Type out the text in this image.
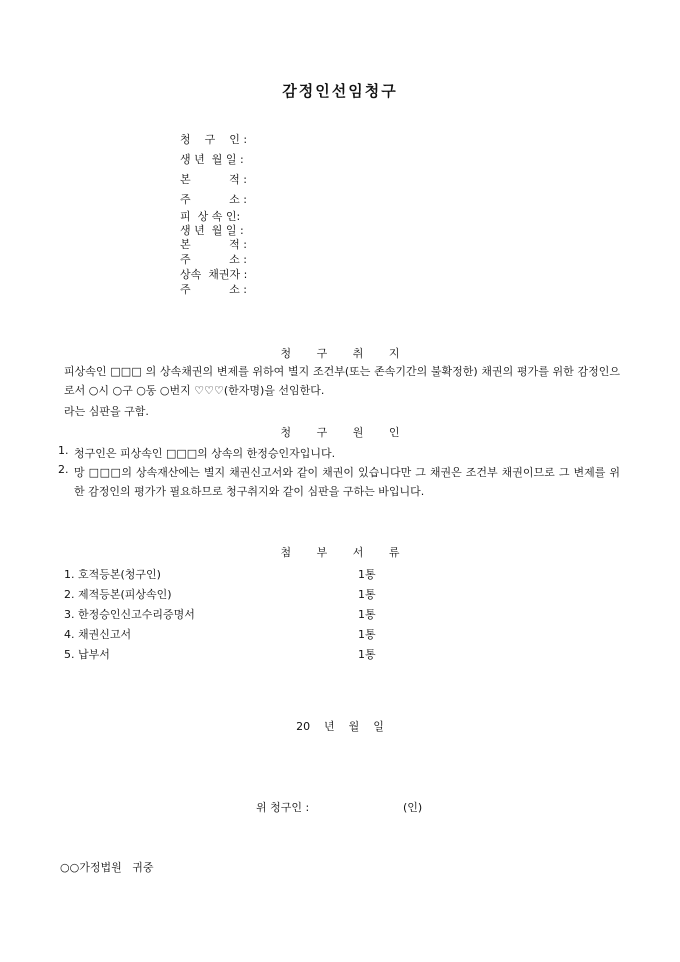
감정인선임청구
청    구    인 :
생 년  월 일 :
본           적 :
주           소 :
피  상 속 인:
생 년  월 일 :
본           적 :
주           소 :
상속  채권자 :
주           소 :
청 구 취 지
피상속인 □□□ 의 상속채권의 변제를 위하여 별지 조건부(또는 존속기간의 불확정한) 채권의 평가를 위한 감정인으로서 ○시 ○구 ○동 ○번지 ♡♡♡(한자명)을 선임한다.
라는 심판을 구함.
청 구 원 인
1. 청구인은 피상속인 □□□의 상속의 한정승인자입니다.
2. 망 □□□의 상속재산에는 별지 채권신고서와 같이 채권이 있습니다만 그 채권은 조건부 채권이므로 그 변제를 위한 감정인의 평가가 필요하므로 청구취지와 같이 심판을 구하는 바입니다.
첨 부 서 류
1. 호적등본(청구인)	1통
2. 제적등본(피상속인)	1통
3. 한정승인신고수리증명서	1통
4. 채권신고서	1통
5. 납부서	1통
20    년    월    일
위 청구인 :	(인)
○○가정법원   귀중
